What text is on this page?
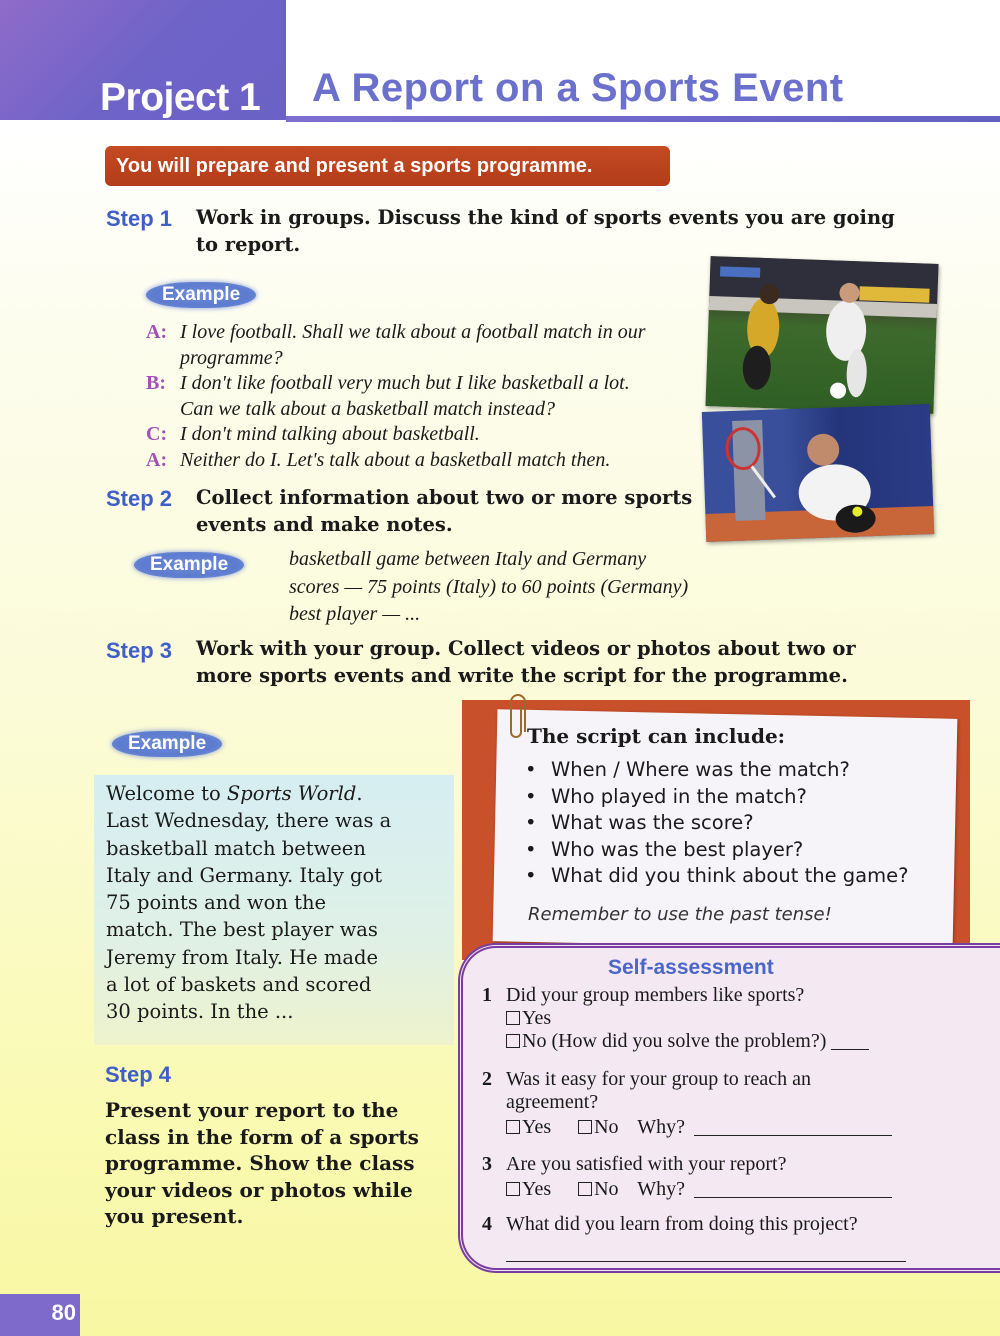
Project 1 A Report on a Sports Event
You will prepare and present a sports programme.
Step 1 Work in groups. Discuss the kind of sports events you are going
to report.
Example
A: I love football. Shall we talk about a football match in our
programme?
B: I don't like football very much but I like basketball a lot.
Can we talk about a basketball match instead?
C: I don't mind talking about basketball.
A: Neither do I. Let's talk about a basketball match then.
Step 2 Collect information about two or more sports
events and make notes.
Example	basketball game between Italy and Germany
scores — 75 points (Italy) to 60 points (Germany)
best player — ...
Step 3 Work with your group. Collect videos or photos about two or
more sports events and write the script for the programme.
Example
Welcome to Sports World.
Last Wednesday, there was a
basketball match between
Italy and Germany. Italy got
75 points and won the
match. The best player was
Jeremy from Italy. He made
a lot of baskets and scored
30 points. In the ...
The script can include:
• When / Where was the match?
• Who played in the match?
• What was the score?
• Who was the best player?
• What did you think about the game?
Remember to use the past tense!
Self-assessment
1 Did your group members like sports?
Yes
No (How did you solve the problem?)
2 Was it easy for your group to reach an
agreement?
Yes No Why?
3 Are you satisfied with your report?
Yes No Why?
4 What did you learn from doing this project?
Step 4
Present your report to the
class in the form of a sports
programme. Show the class
your videos or photos while
you present.
80
